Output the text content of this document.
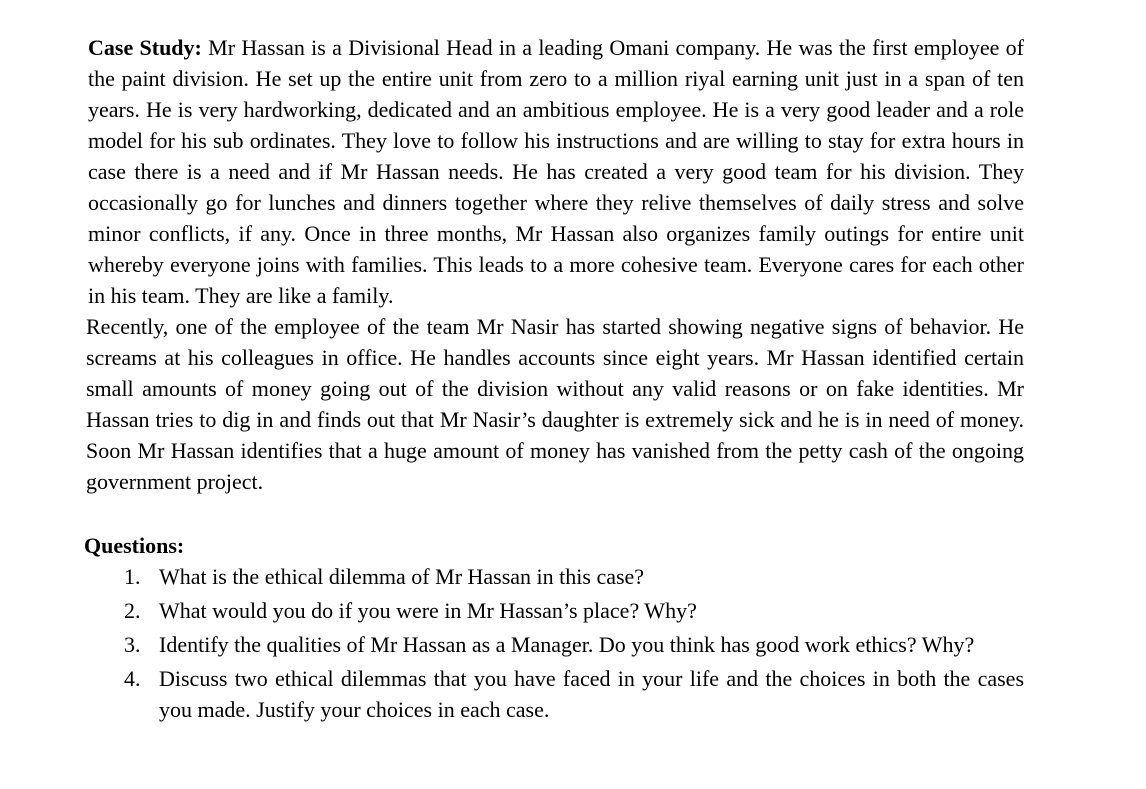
Case Study: Mr Hassan is a Divisional Head in a leading Omani company. He was the first employee of the paint division. He set up the entire unit from zero to a million riyal earning unit just in a span of ten years. He is very hardworking, dedicated and an ambitious employee. He is a very good leader and a role model for his sub ordinates. They love to follow his instructions and are willing to stay for extra hours in case there is a need and if Mr Hassan needs. He has created a very good team for his division. They occasionally go for lunches and dinners together where they relive themselves of daily stress and solve minor conflicts, if any. Once in three months, Mr Hassan also organizes family outings for entire unit whereby everyone joins with families. This leads to a more cohesive team. Everyone cares for each other in his team. They are like a family.

Recently, one of the employee of the team Mr Nasir has started showing negative signs of behavior. He screams at his colleagues in office. He handles accounts since eight years. Mr Hassan identified certain small amounts of money going out of the division without any valid reasons or on fake identities. Mr Hassan tries to dig in and finds out that Mr Nasir’s daughter is extremely sick and he is in need of money. Soon Mr Hassan identifies that a huge amount of money has vanished from the petty cash of the ongoing government project.

Questions:

1. What is the ethical dilemma of Mr Hassan in this case?
2. What would you do if you were in Mr Hassan’s place? Why?
3. Identify the qualities of Mr Hassan as a Manager. Do you think has good work ethics? Why?
4. Discuss two ethical dilemmas that you have faced in your life and the choices in both the cases you made. Justify your choices in each case.
